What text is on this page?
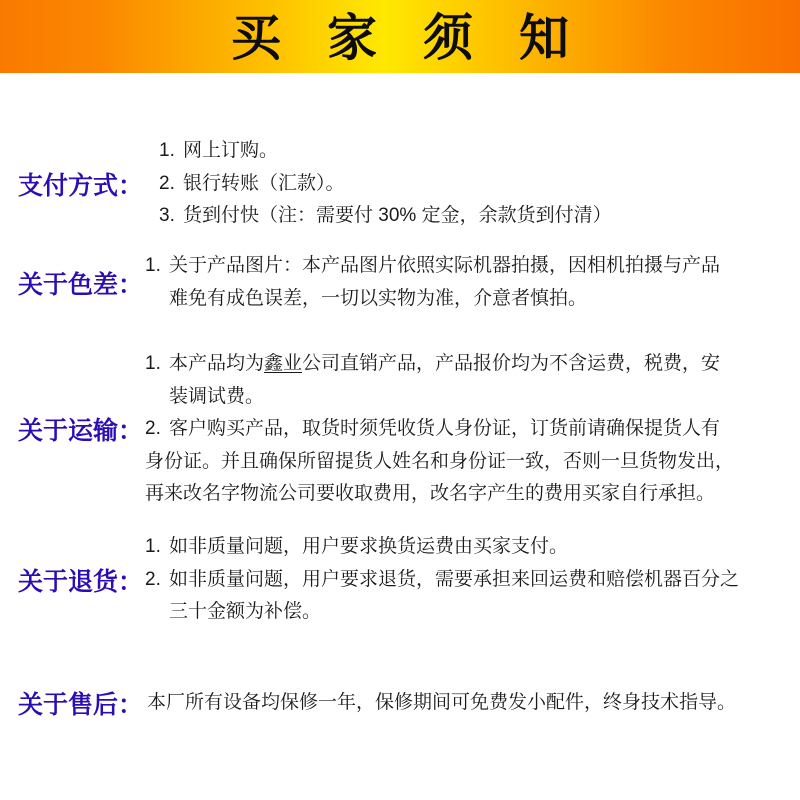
买家须知
支付方式：
1. 网上订购。
2. 银行转账（汇款）。
3. 货到付快（注：需要付 30% 定金，余款货到付清）
关于色差：
1. 关于产品图片：本产品图片依照实际机器拍摄，因相机拍摄与产品
难免有成色误差，一切以实物为准，介意者慎拍。
关于运输：
1. 本产品均为鑫业公司直销产品，产品报价均为不含运费，税费，安
装调试费。
2. 客户购买产品，取货时须凭收货人身份证，订货前请确保提货人有
身份证。并且确保所留提货人姓名和身份证一致，否则一旦货物发出，
再来改名字物流公司要收取费用，改名字产生的费用买家自行承担。
关于退货：
1. 如非质量问题，用户要求换货运费由买家支付。
2. 如非质量问题，用户要求退货，需要承担来回运费和赔偿机器百分之
三十金额为补偿。
关于售后： 本厂所有设备均保修一年，保修期间可免费发小配件，终身技术指导。
